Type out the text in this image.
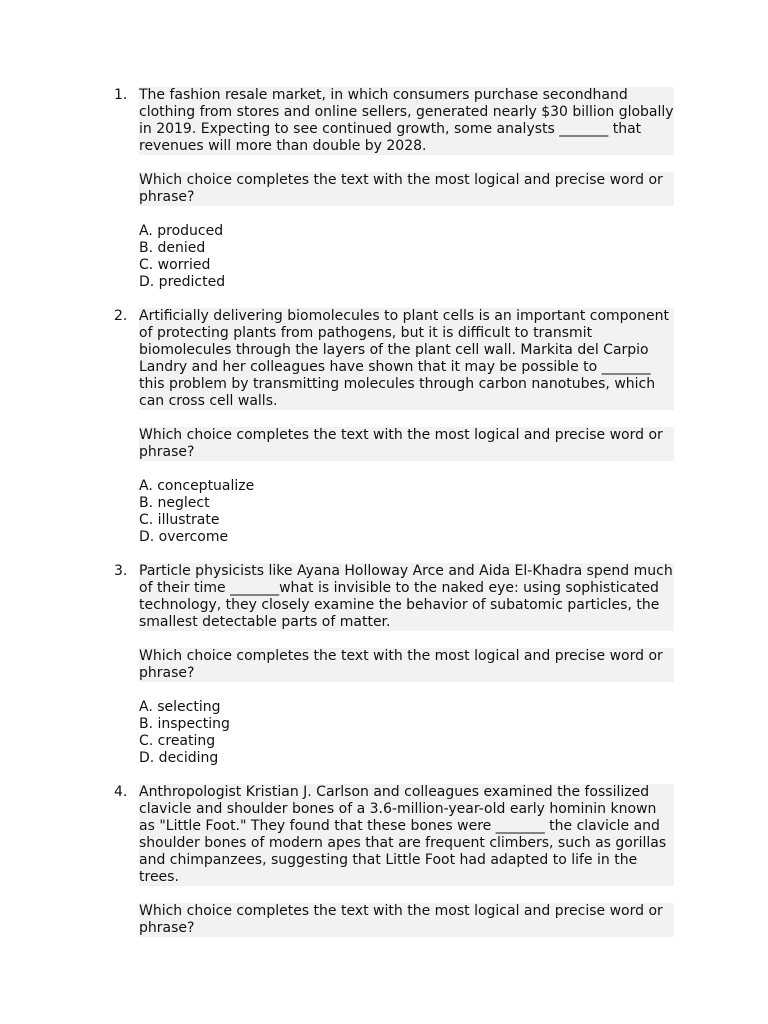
1. The fashion resale market, in which consumers purchase secondhand clothing from stores and online sellers, generated nearly $30 billion globally in 2019. Expecting to see continued growth, some analysts _______ that revenues will more than double by 2028.

Which choice completes the text with the most logical and precise word or phrase?

A. produced
B. denied
C. worried
D. predicted
2. Artificially delivering biomolecules to plant cells is an important component of protecting plants from pathogens, but it is difficult to transmit biomolecules through the layers of the plant cell wall. Markita del Carpio Landry and her colleagues have shown that it may be possible to _______ this problem by transmitting molecules through carbon nanotubes, which can cross cell walls.

Which choice completes the text with the most logical and precise word or phrase?

A. conceptualize
B. neglect
C. illustrate
D. overcome
3. Particle physicists like Ayana Holloway Arce and Aida El-Khadra spend much of their time _______what is invisible to the naked eye: using sophisticated technology, they closely examine the behavior of subatomic particles, the smallest detectable parts of matter.

Which choice completes the text with the most logical and precise word or phrase?

A. selecting
B. inspecting
C. creating
D. deciding
4. Anthropologist Kristian J. Carlson and colleagues examined the fossilized clavicle and shoulder bones of a 3.6-million-year-old early hominin known as "Little Foot." They found that these bones were _______ the clavicle and shoulder bones of modern apes that are frequent climbers, such as gorillas and chimpanzees, suggesting that Little Foot had adapted to life in the trees.

Which choice completes the text with the most logical and precise word or phrase?
